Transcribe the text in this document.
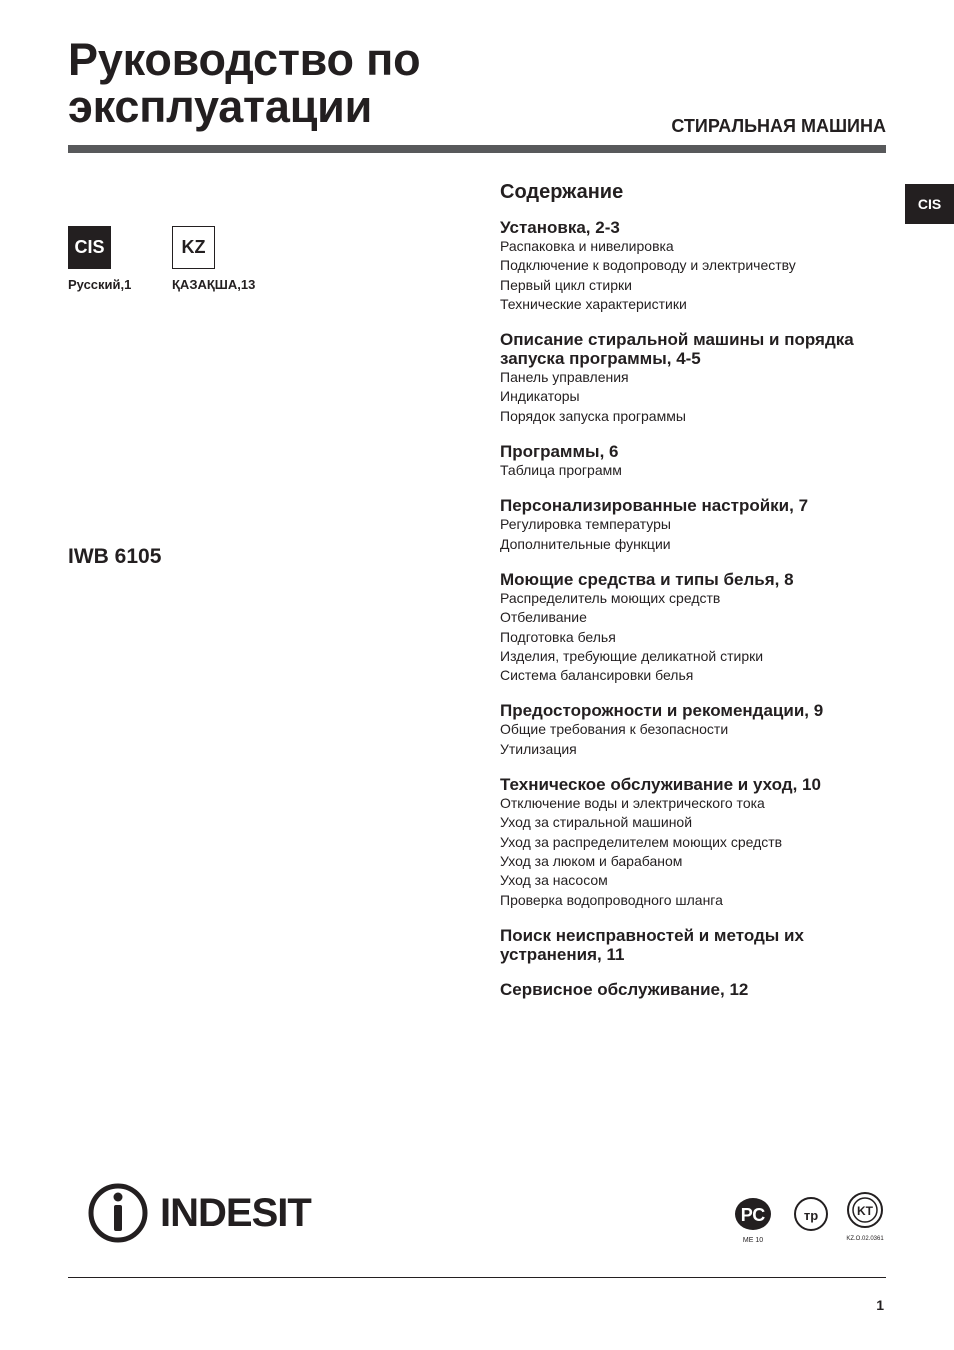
Руководство по
эксплуатации	СТИРАЛЬНАЯ МАШИНА
CIS	KZ
Русский,1	ҚАЗАҚША,13
CIS
IWB 6105
Содержание
Установка, 2-3
Распаковка и нивелировка
Подключение к водопроводу и электричеству
Первый цикл стирки
Технические характеристики
Описание стиральной машины и порядка запуска программы, 4-5
Панель управления
Индикаторы
Порядок запуска программы
Программы, 6
Таблица программ
Персонализированные настройки, 7
Регулировка температуры
Дополнительные функции
Моющие средства и типы белья, 8
Распределитель моющих средств
Отбеливание
Подготовка белья
Изделия, требующие деликатной стирки
Система балансировки белья
Предосторожности и рекомендации, 9
Общие требования к безопасности
Утилизация
Техническое обслуживание и уход, 10
Отключение воды и электрического тока
Уход за стиральной машиной
Уход за распределителем моющих средств
Уход за люком и барабаном
Уход за насосом
Проверка водопроводного шланга
Поиск неисправностей и методы их устранения, 11
Сервисное обслуживание, 12
INDESIT	РС
МЕ 10
тр	KT
KZ.O.02.0361
1
